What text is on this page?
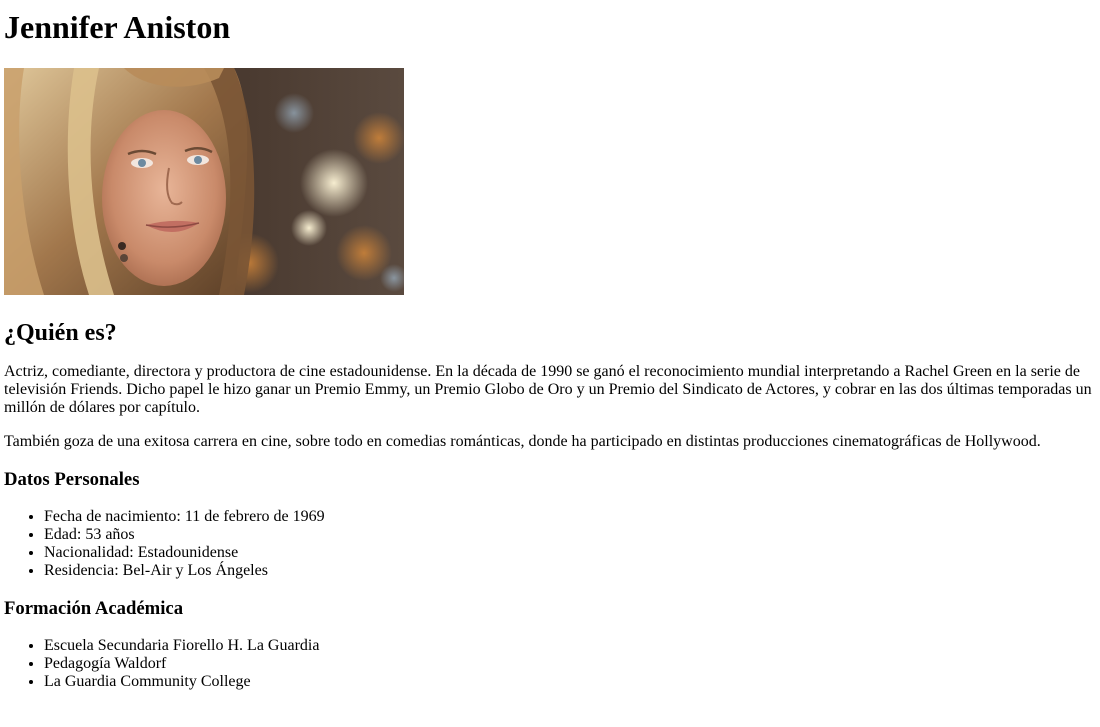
Jennifer Aniston
¿Quién es?

Actriz, comediante, directora y productora de cine estadounidense. En la década de 1990 se ganó el reconocimiento mundial interpretando a Rachel Green en la serie de televisión Friends. Dicho papel le hizo ganar un Premio Emmy, un Premio Globo de Oro y un Premio del Sindicato de Actores, y cobrar en las dos últimas temporadas un millón de dólares por capítulo.

También goza de una exitosa carrera en cine, sobre todo en comedias románticas, donde ha participado en distintas producciones cinematográficas de Hollywood.

Datos Personales
• Fecha de nacimiento: 11 de febrero de 1969
• Edad: 53 años
• Nacionalidad: Estadounidense
• Residencia: Bel-Air y Los Ángeles
Formación Académica
• Escuela Secundaria Fiorello H. La Guardia
• Pedagogía Waldorf
• La Guardia Community College
